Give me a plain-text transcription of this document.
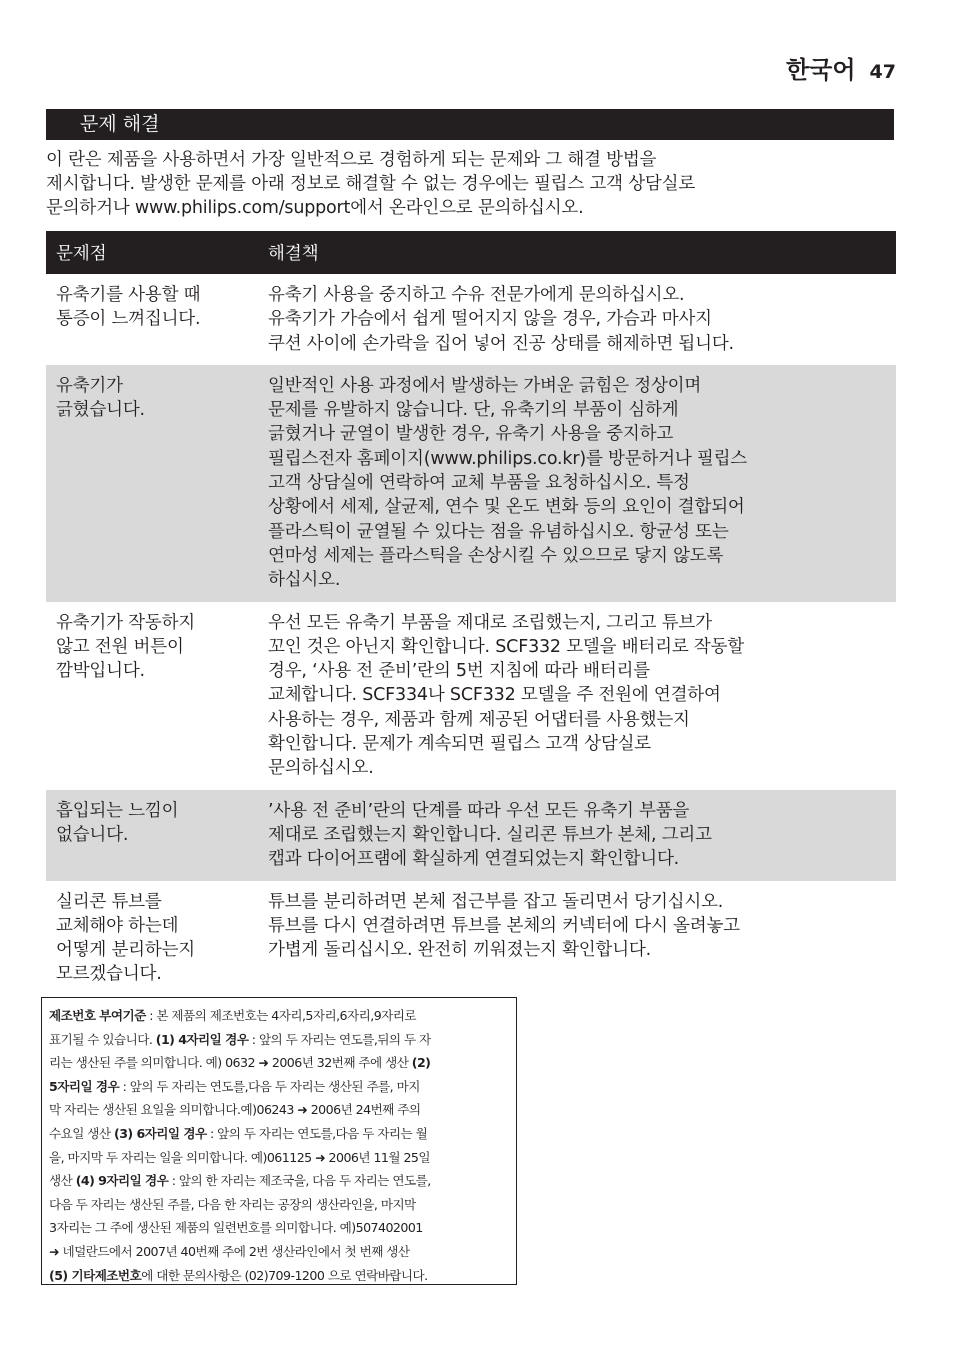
한국어 47
문제 해결

이 란은 제품을 사용하면서 가장 일반적으로 경험하게 되는 문제와 그 해결 방법을

제시합니다. 발생한 문제를 아래 정보로 해결할 수 없는 경우에는 필립스 고객 상담실로

문의하거나 www.philips.com/support에서 온라인으로 문의하십시오.

문제점	해결책

유축기를 사용할 때

통증이 느껴집니다.

유축기 사용을 중지하고 수유 전문가에게 문의하십시오.

유축기가 가슴에서 쉽게 떨어지지 않을 경우, 가슴과 마사지

쿠션 사이에 손가락을 집어 넣어 진공 상태를 해제하면 됩니다.

유축기가

긁혔습니다.

일반적인 사용 과정에서 발생하는 가벼운 긁힘은 정상이며

문제를 유발하지 않습니다. 단, 유축기의 부품이 심하게

긁혔거나 균열이 발생한 경우, 유축기 사용을 중지하고

필립스전자 홈페이지(www.philips.co.kr)를 방문하거나 필립스

고객 상담실에 연락하여 교체 부품을 요청하십시오. 특정

상황에서 세제, 살균제, 연수 및 온도 변화 등의 요인이 결합되어

플라스틱이 균열될 수 있다는 점을 유념하십시오. 항균성 또는

연마성 세제는 플라스틱을 손상시킬 수 있으므로 닿지 않도록

하십시오.

유축기가 작동하지

않고 전원 버튼이

깜박입니다.

우선 모든 유축기 부품을 제대로 조립했는지, 그리고 튜브가

꼬인 것은 아닌지 확인합니다. SCF332 모델을 배터리로 작동할

경우, ‘사용 전 준비’란의 5번 지침에 따라 배터리를

교체합니다. SCF334나 SCF332 모델을 주 전원에 연결하여

사용하는 경우, 제품과 함께 제공된 어댑터를 사용했는지

확인합니다. 문제가 계속되면 필립스 고객 상담실로

문의하십시오.

흡입되는 느낌이

없습니다.

’사용 전 준비’란의 단계를 따라 우선 모든 유축기 부품을

제대로 조립했는지 확인합니다. 실리콘 튜브가 본체, 그리고

캡과 다이어프램에 확실하게 연결되었는지 확인합니다.

실리콘 튜브를

교체해야 하는데

어떻게 분리하는지

모르겠습니다.

튜브를 분리하려면 본체 접근부를 잡고 돌리면서 당기십시오.

튜브를 다시 연결하려면 튜브를 본체의 커넥터에 다시 올려놓고

가볍게 돌리십시오. 완전히 끼워졌는지 확인합니다.

제조번호 부여기준 : 본 제품의 제조번호는 4자리,5자리,6자리,9자리로

표기될 수 있습니다. (1) 4자리일 경우 : 앞의 두 자리는 연도를,뒤의 두 자

리는 생산된 주를 의미합니다. 예) 0632 ➜ 2006년 32번째 주에 생산 (2)

5자리일 경우 : 앞의 두 자리는 연도를,다음 두 자리는 생산된 주를, 마지

막 자리는 생산된 요일을 의미합니다.예)06243 ➜ 2006년 24번째 주의

수요일 생산 (3) 6자리일 경우 : 앞의 두 자리는 연도를,다음 두 자리는 월

을, 마지막 두 자리는 일을 의미합니다. 예)061125 ➜ 2006년 11월 25일

생산 (4) 9자리일 경우 : 앞의 한 자리는 제조국을, 다음 두 자리는 연도를,

다음 두 자리는 생산된 주를, 다음 한 자리는 공장의 생산라인을, 마지막

3자리는 그 주에 생산된 제품의 일련번호를 의미합니다. 예)507402001

➜ 네덜란드에서 2007년 40번째 주에 2번 생산라인에서 첫 번째 생산

(5) 기타제조번호에 대한 문의사항은 (02)709-1200 으로 연락바랍니다.
